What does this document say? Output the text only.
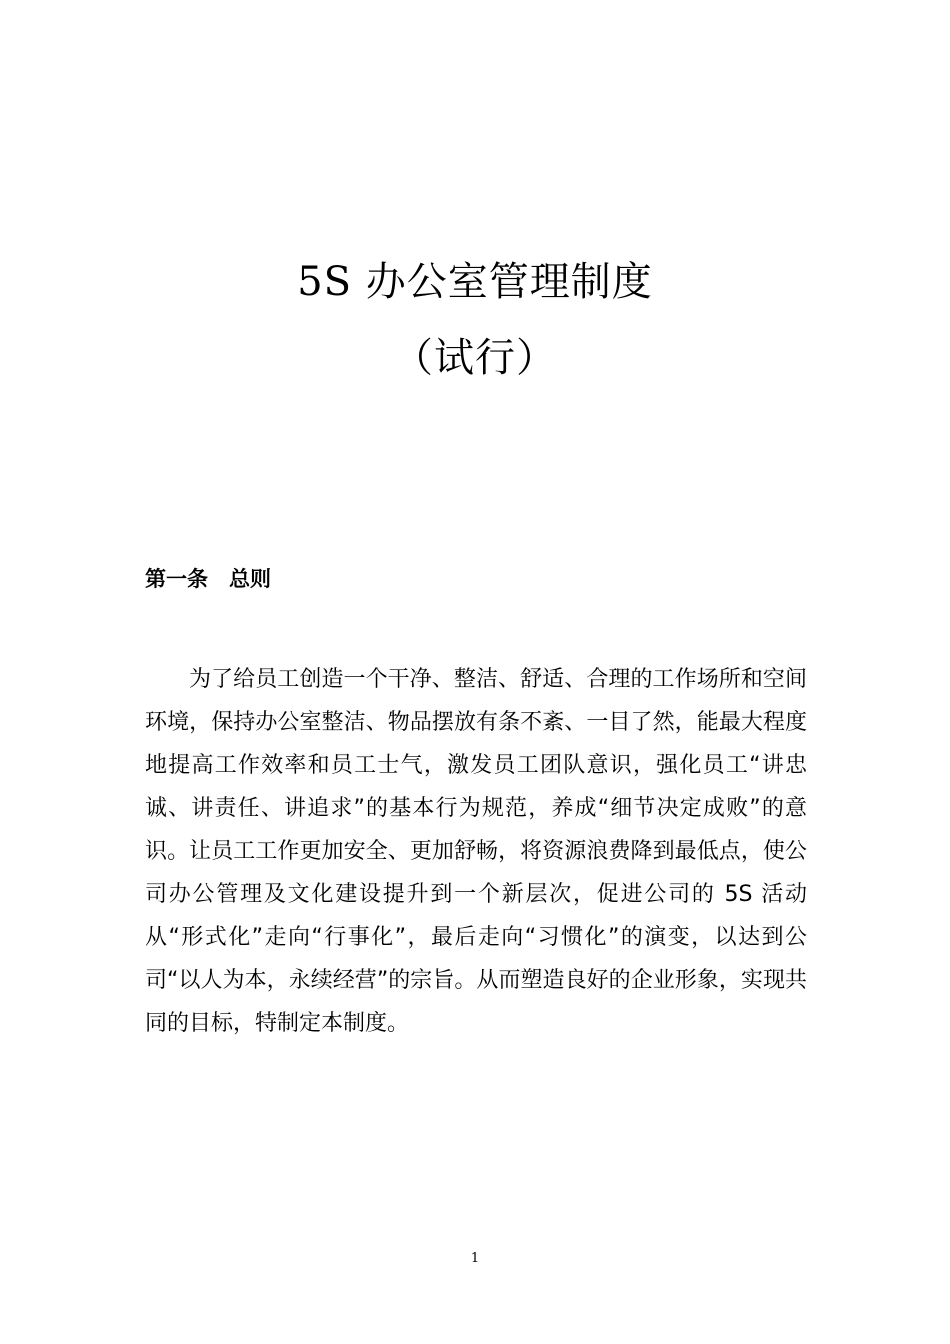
5S 办公室管理制度
（试行）
第一条　总则

为了给员工创造一个干净、整洁、舒适、合理的工作场所和空间环境，保持办公室整洁、物品摆放有条不紊、一目了然，能最大程度地提高工作效率和员工士气，激发员工团队意识，强化员工“讲忠诚、讲责任、讲追求”的基本行为规范，养成“细节决定成败”的意识。让员工工作更加安全、更加舒畅，将资源浪费降到最低点，使公司办公管理及文化建设提升到一个新层次，促进公司的 5S 活动从“形式化”走向“行事化”，最后走向“习惯化”的演变，以达到公司“以人为本，永续经营”的宗旨。从而塑造良好的企业形象，实现共同的目标，特制定本制度。

1
